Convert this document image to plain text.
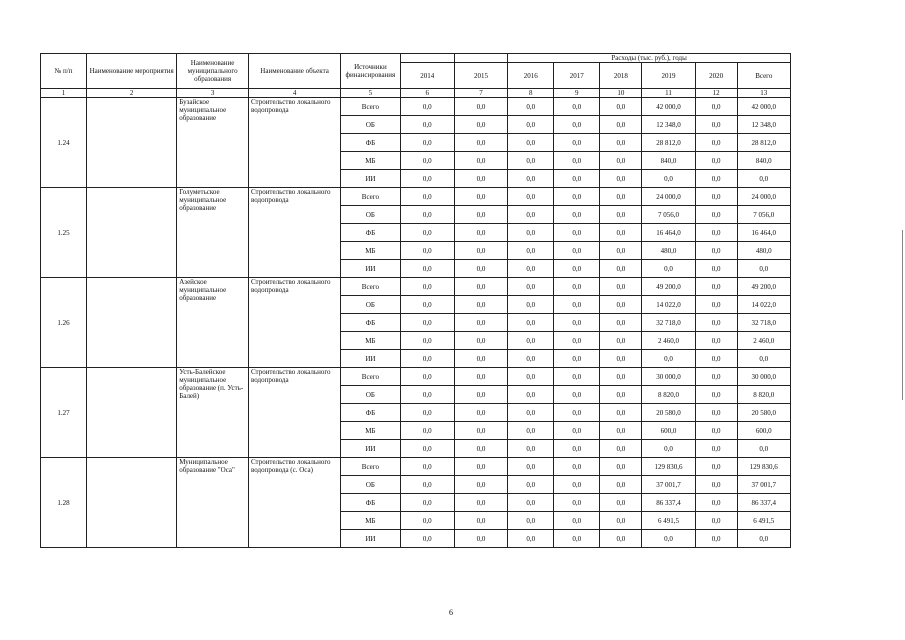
№ п/п	Наименование мероприятия	Наименование муниципального образования	Наименование объекта	Источники финансирования			Расходы (тыс. руб.), годы					
					2014	2015	2016	2017	2018	2019	2020	Всего
1	2	3	4	5	6	7	8	9	10	11	12	13
1.24		Бузайское муниципальное образование	Строительство локального водопровода	Всего	0,0	0,0	0,0	0,0	0,0	42 000,0	0,0	42 000,0
				ОБ	0,0	0,0	0,0	0,0	0,0	12 348,0	0,0	12 348,0
				ФБ	0,0	0,0	0,0	0,0	0,0	28 812,0	0,0	28 812,0
				МБ	0,0	0,0	0,0	0,0	0,0	840,0	0,0	840,0
				ИИ	0,0	0,0	0,0	0,0	0,0	0,0	0,0	0,0
1.25		Голуметьское муниципальное образование	Строительство локального водопровода	Всего	0,0	0,0	0,0	0,0	0,0	24 000,0	0,0	24 000,0
				ОБ	0,0	0,0	0,0	0,0	0,0	7 056,0	0,0	7 056,0
				ФБ	0,0	0,0	0,0	0,0	0,0	16 464,0	0,0	16 464,0
				МБ	0,0	0,0	0,0	0,0	0,0	480,0	0,0	480,0
				ИИ	0,0	0,0	0,0	0,0	0,0	0,0	0,0	0,0
1.26		Азейское муниципальное образование	Строительство локального водопровода	Всего	0,0	0,0	0,0	0,0	0,0	49 200,0	0,0	49 200,0
				ОБ	0,0	0,0	0,0	0,0	0,0	14 022,0	0,0	14 022,0
				ФБ	0,0	0,0	0,0	0,0	0,0	32 718,0	0,0	32 718,0
				МБ	0,0	0,0	0,0	0,0	0,0	2 460,0	0,0	2 460,0
				ИИ	0,0	0,0	0,0	0,0	0,0	0,0	0,0	0,0
1.27		Усть-Балейское муниципальное образование (п. Усть-Балей)	Строительство локального водопровода	Всего	0,0	0,0	0,0	0,0	0,0	30 000,0	0,0	30 000,0
				ОБ	0,0	0,0	0,0	0,0	0,0	8 820,0	0,0	8 820,0
				ФБ	0,0	0,0	0,0	0,0	0,0	20 580,0	0,0	20 580,0
				МБ	0,0	0,0	0,0	0,0	0,0	600,0	0,0	600,0
				ИИ	0,0	0,0	0,0	0,0	0,0	0,0	0,0	0,0
1.28		Муниципальное образование "Оса"	Строительство локального водопровода (с. Оса)	Всего	0,0	0,0	0,0	0,0	0,0	129 830,6	0,0	129 830,6
				ОБ	0,0	0,0	0,0	0,0	0,0	37 001,7	0,0	37 001,7
				ФБ	0,0	0,0	0,0	0,0	0,0	86 337,4	0,0	86 337,4
				МБ	0,0	0,0	0,0	0,0	0,0	6 491,5	0,0	6 491,5
				ИИ	0,0	0,0	0,0	0,0	0,0	0,0	0,0	0,0
6
